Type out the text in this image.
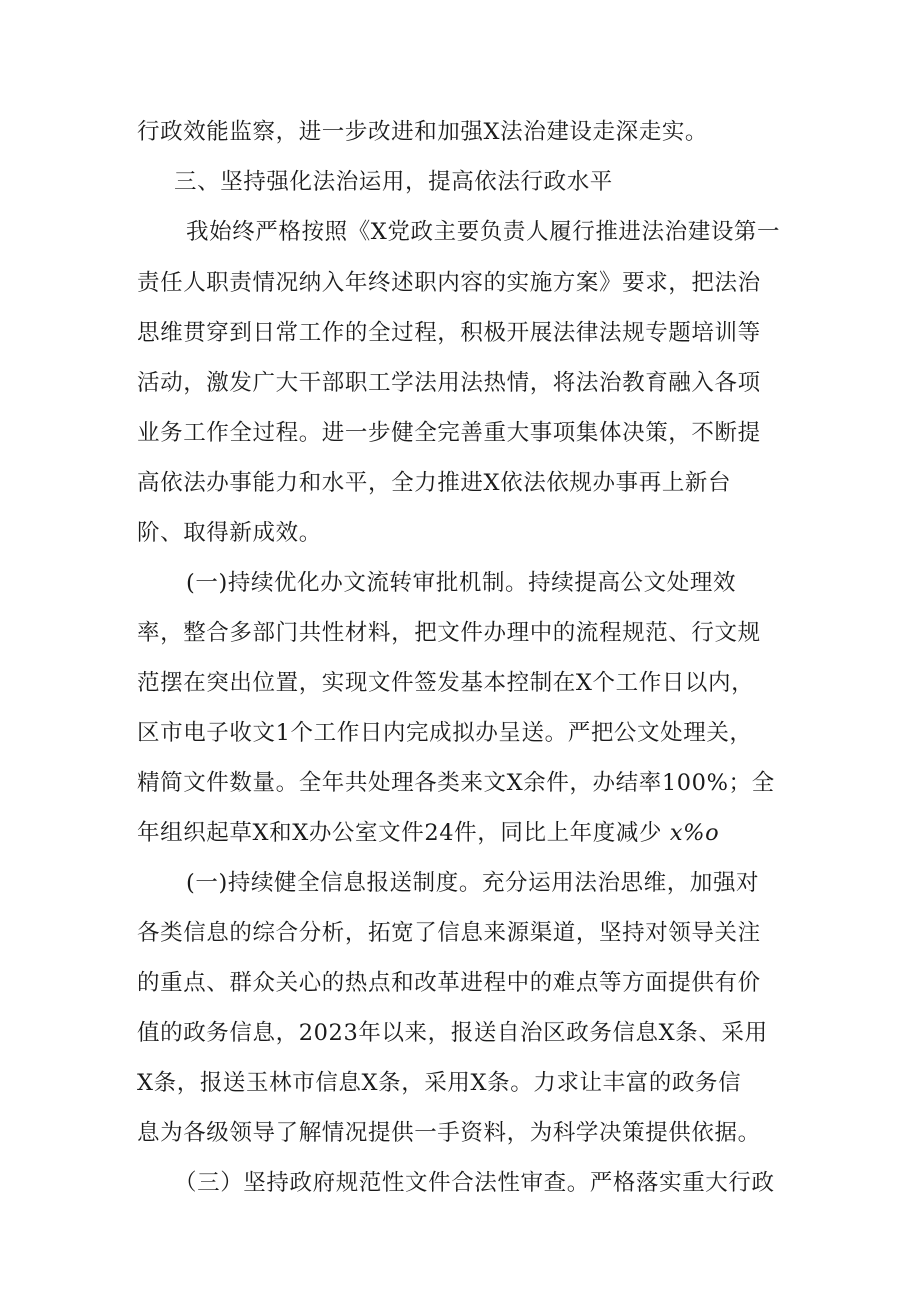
行政效能监察，进一步改进和加强X法治建设走深走实。
三、坚持强化法治运用，提高依法行政水平
我始终严格按照《X党政主要负责人履行推进法治建设第一
责任人职责情况纳入年终述职内容的实施方案》要求，把法治
思维贯穿到日常工作的全过程，积极开展法律法规专题培训等
活动，激发广大干部职工学法用法热情，将法治教育融入各项
业务工作全过程。进一步健全完善重大事项集体决策，不断提
高依法办事能力和水平，全力推进X依法依规办事再上新台
阶、取得新成效。
(一)持续优化办文流转审批机制。持续提高公文处理效
率，整合多部门共性材料，把文件办理中的流程规范、行文规
范摆在突出位置，实现文件签发基本控制在X个工作日以内，
区市电子收文1个工作日内完成拟办呈送。严把公文处理关，
精简文件数量。全年共处理各类来文X余件，办结率100%；全
年组织起草X和X办公室文件24件，同比上年度减少 x%o
(一)持续健全信息报送制度。充分运用法治思维，加强对
各类信息的综合分析，拓宽了信息来源渠道，坚持对领导关注
的重点、群众关心的热点和改革进程中的难点等方面提供有价
值的政务信息，2023年以来，报送自治区政务信息X条、采用
X条，报送玉林市信息X条，采用X条。力求让丰富的政务信
息为各级领导了解情况提供一手资料，为科学决策提供依据。
（三）坚持政府规范性文件合法性审查。严格落实重大行政
